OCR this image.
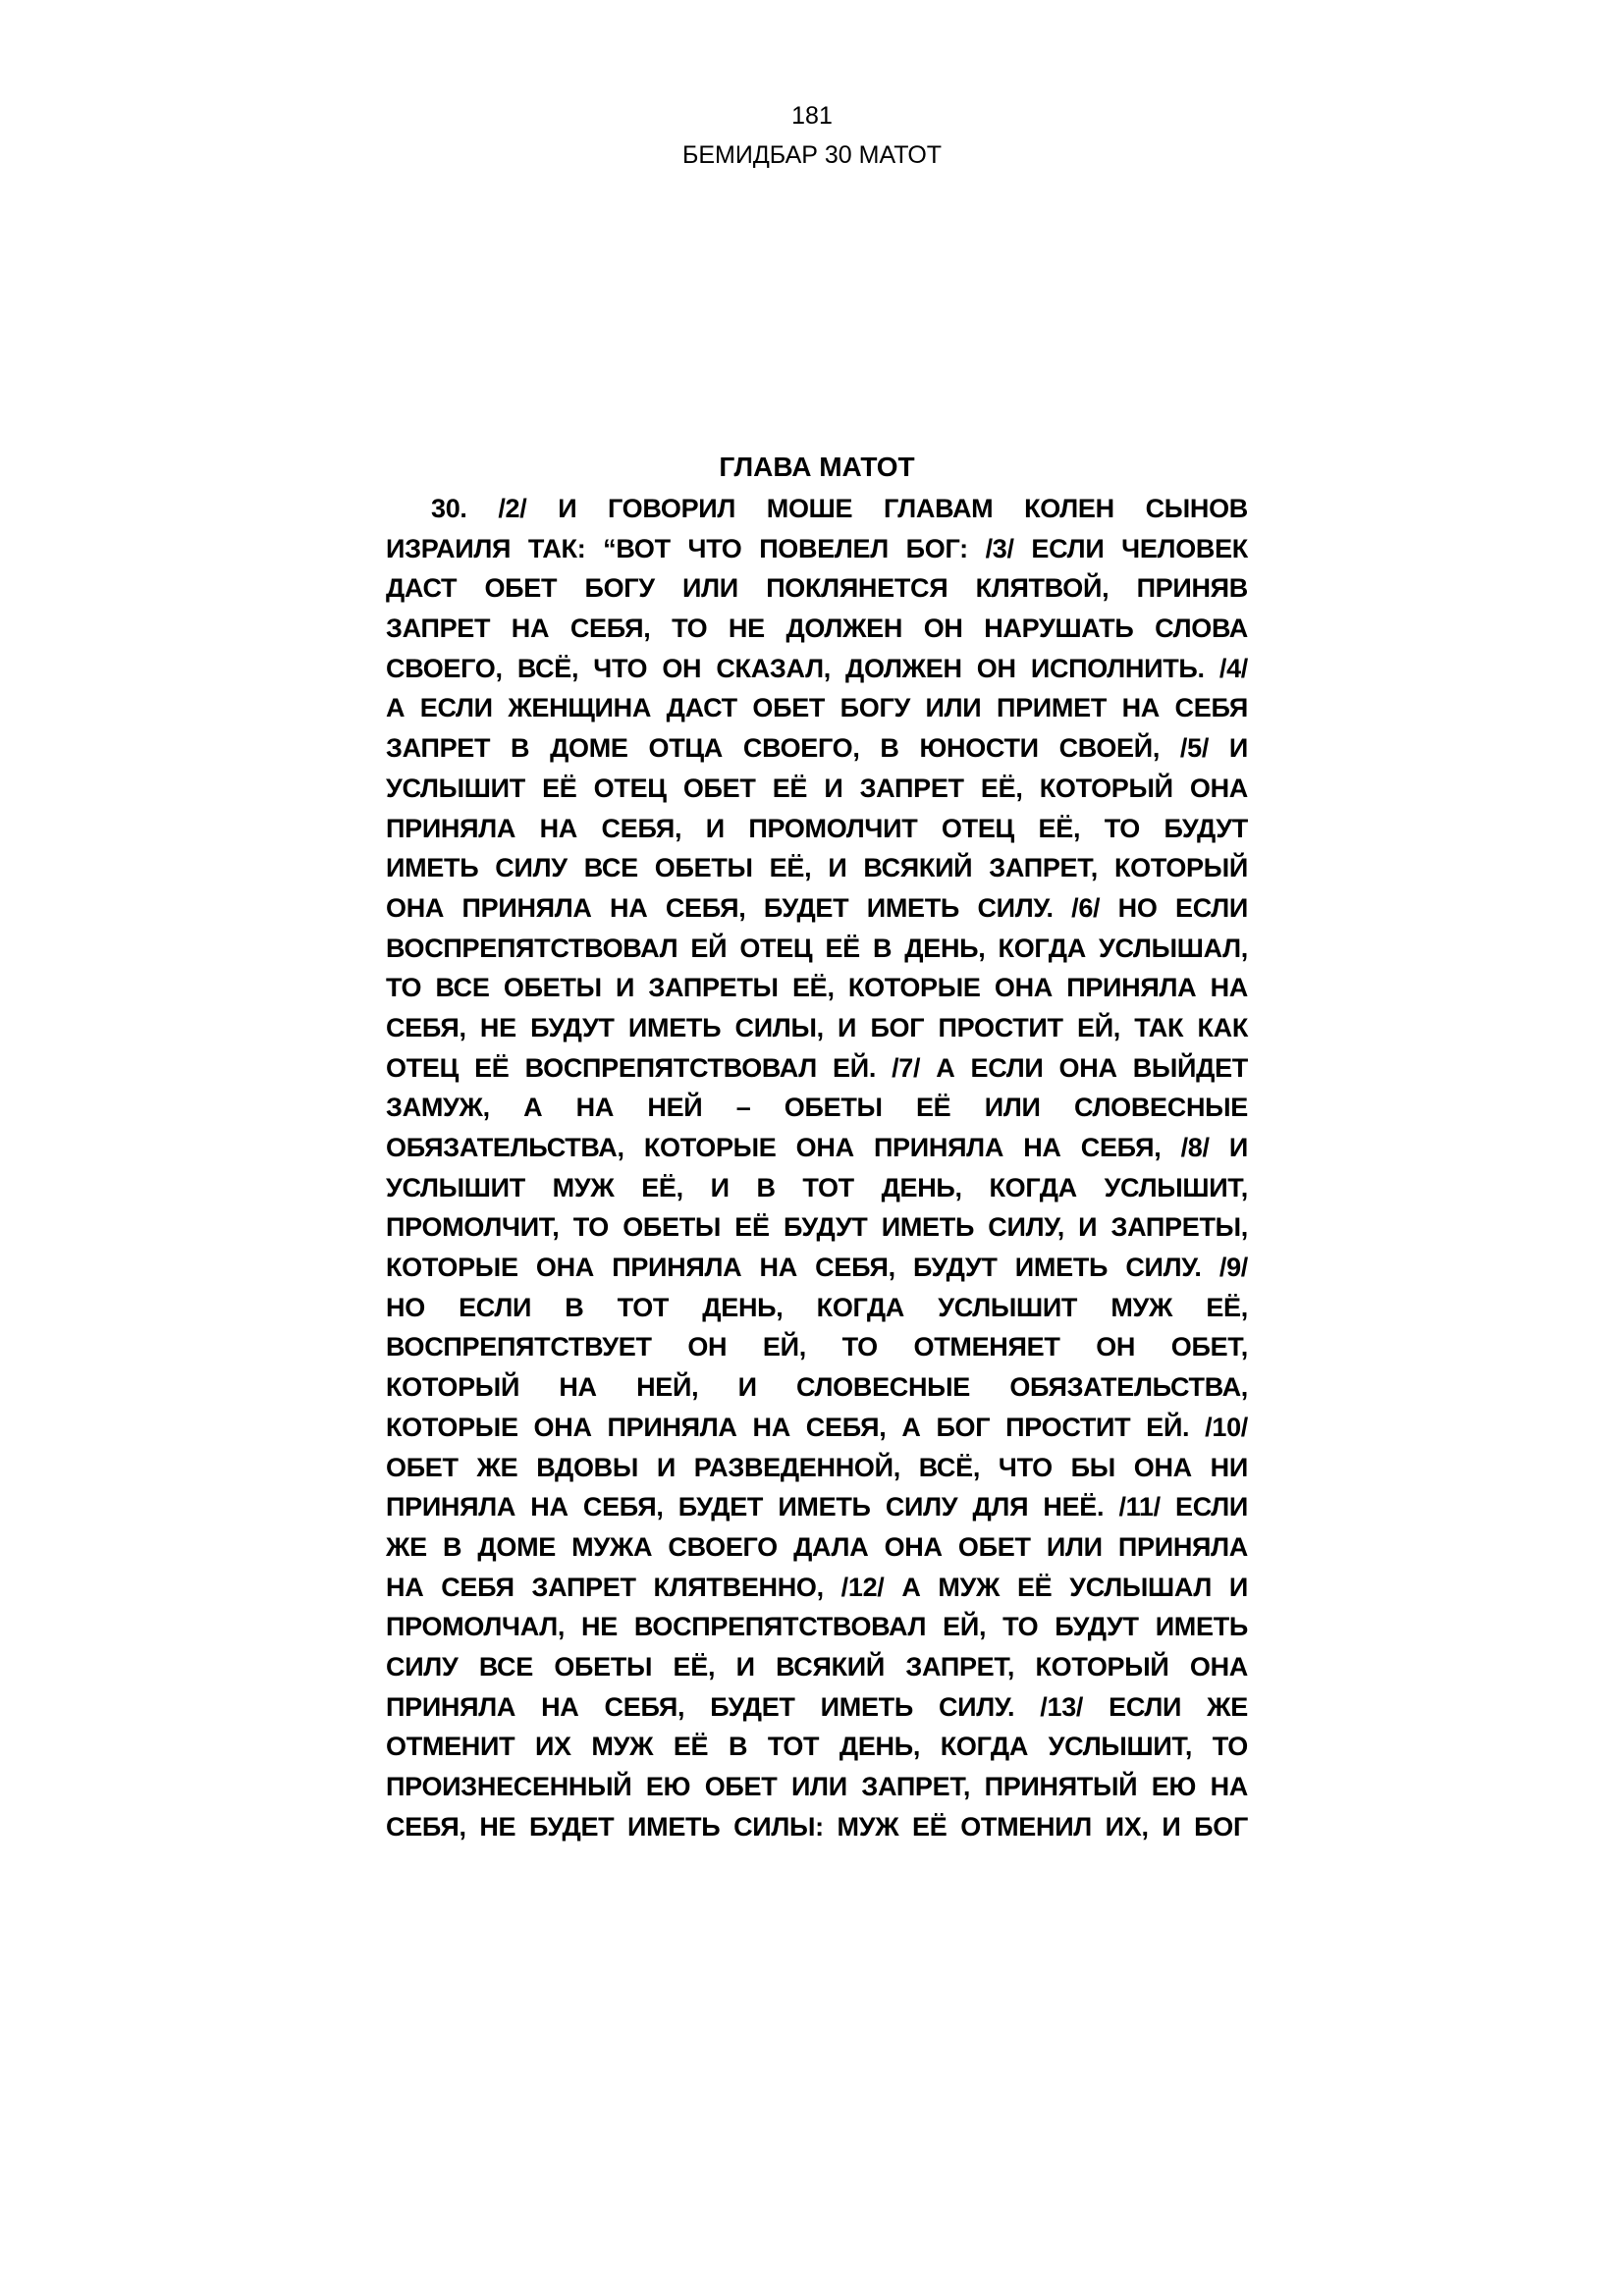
181
БЕМИДБАР 30 МАТОТ
ГЛАВА МАТОТ
30. /2/ И ГОВОРИЛ МОШЕ ГЛАВАМ КОЛЕН СЫНОВ
ИЗРАИЛЯ ТАК: “ВОТ ЧТО ПОВЕЛЕЛ БОГ: /3/ ЕСЛИ ЧЕЛОВЕК
ДАСТ ОБЕТ БОГУ ИЛИ ПОКЛЯНЕТСЯ КЛЯТВОЙ, ПРИНЯВ
ЗАПРЕТ НА СЕБЯ, ТО НЕ ДОЛЖЕН ОН НАРУШАТЬ СЛОВА
СВОЕГО, ВСЁ, ЧТО ОН СКАЗАЛ, ДОЛЖЕН ОН ИСПОЛНИТЬ. /4/
А ЕСЛИ ЖЕНЩИНА ДАСТ ОБЕТ БОГУ ИЛИ ПРИМЕТ НА СЕБЯ
ЗАПРЕТ В ДОМЕ ОТЦА СВОЕГО, В ЮНОСТИ СВОЕЙ, /5/ И
УСЛЫШИТ ЕЁ ОТЕЦ ОБЕТ ЕЁ И ЗАПРЕТ ЕЁ, КОТОРЫЙ ОНА
ПРИНЯЛА НА СЕБЯ, И ПРОМОЛЧИТ ОТЕЦ ЕЁ, ТО БУДУТ
ИМЕТЬ СИЛУ ВСЕ ОБЕТЫ ЕЁ, И ВСЯКИЙ ЗАПРЕТ, КОТОРЫЙ
ОНА ПРИНЯЛА НА СЕБЯ, БУДЕТ ИМЕТЬ СИЛУ. /6/ НО ЕСЛИ
ВОСПРЕПЯТСТВОВАЛ ЕЙ ОТЕЦ ЕЁ В ДЕНЬ, КОГДА УСЛЫШАЛ,
ТО ВСЕ ОБЕТЫ И ЗАПРЕТЫ ЕЁ, КОТОРЫЕ ОНА ПРИНЯЛА НА
СЕБЯ, НЕ БУДУТ ИМЕТЬ СИЛЫ, И БОГ ПРОСТИТ ЕЙ, ТАК КАК
ОТЕЦ ЕЁ ВОСПРЕПЯТСТВОВАЛ ЕЙ. /7/ А ЕСЛИ ОНА ВЫЙДЕТ
ЗАМУЖ, А НА НЕЙ – ОБЕТЫ ЕЁ ИЛИ СЛОВЕСНЫЕ
ОБЯЗАТЕЛЬСТВА, КОТОРЫЕ ОНА ПРИНЯЛА НА СЕБЯ, /8/ И
УСЛЫШИТ МУЖ ЕЁ, И В ТОТ ДЕНЬ, КОГДА УСЛЫШИТ,
ПРОМОЛЧИТ, ТО ОБЕТЫ ЕЁ БУДУТ ИМЕТЬ СИЛУ, И ЗАПРЕТЫ,
КОТОРЫЕ ОНА ПРИНЯЛА НА СЕБЯ, БУДУТ ИМЕТЬ СИЛУ. /9/
НО ЕСЛИ В ТОТ ДЕНЬ, КОГДА УСЛЫШИТ МУЖ ЕЁ,
ВОСПРЕПЯТСТВУЕТ ОН ЕЙ, ТО ОТМЕНЯЕТ ОН ОБЕТ,
КОТОРЫЙ НА НЕЙ, И СЛОВЕСНЫЕ ОБЯЗАТЕЛЬСТВА,
КОТОРЫЕ ОНА ПРИНЯЛА НА СЕБЯ, А БОГ ПРОСТИТ ЕЙ. /10/
ОБЕТ ЖЕ ВДОВЫ И РАЗВЕДЕННОЙ, ВСЁ, ЧТО БЫ ОНА НИ
ПРИНЯЛА НА СЕБЯ, БУДЕТ ИМЕТЬ СИЛУ ДЛЯ НЕЁ. /11/ ЕСЛИ
ЖЕ В ДОМЕ МУЖА СВОЕГО ДАЛА ОНА ОБЕТ ИЛИ ПРИНЯЛА
НА СЕБЯ ЗАПРЕТ КЛЯТВЕННО, /12/ А МУЖ ЕЁ УСЛЫШАЛ И
ПРОМОЛЧАЛ, НЕ ВОСПРЕПЯТСТВОВАЛ ЕЙ, ТО БУДУТ ИМЕТЬ
СИЛУ ВСЕ ОБЕТЫ ЕЁ, И ВСЯКИЙ ЗАПРЕТ, КОТОРЫЙ ОНА
ПРИНЯЛА НА СЕБЯ, БУДЕТ ИМЕТЬ СИЛУ. /13/ ЕСЛИ ЖЕ
ОТМЕНИТ ИХ МУЖ ЕЁ В ТОТ ДЕНЬ, КОГДА УСЛЫШИТ, ТО
ПРОИЗНЕСЕННЫЙ ЕЮ ОБЕТ ИЛИ ЗАПРЕТ, ПРИНЯТЫЙ ЕЮ НА
СЕБЯ, НЕ БУДЕТ ИМЕТЬ СИЛЫ: МУЖ ЕЁ ОТМЕНИЛ ИХ, И БОГ
